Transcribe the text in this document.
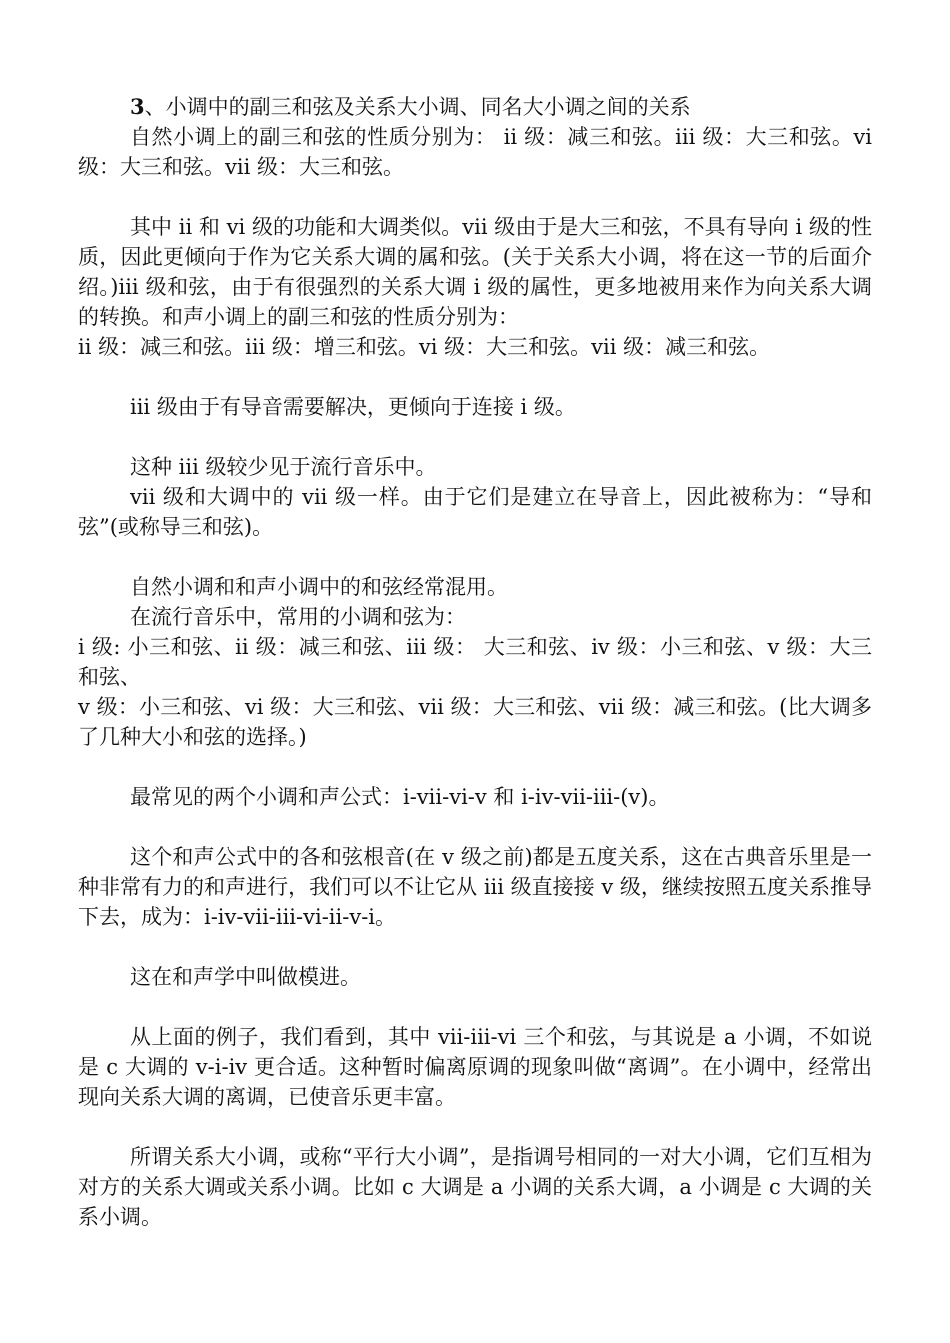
3、小调中的副三和弦及关系大小调、同名大小调之间的关系

自然小调上的副三和弦的性质分别为： ii 级：减三和弦。iii 级：大三和弦。vi 级：大三和弦。vii 级：大三和弦。

其中 ii 和 vi 级的功能和大调类似。vii 级由于是大三和弦，不具有导向 i 级的性质，因此更倾向于作为它关系大调的属和弦。(关于关系大小调，将在这一节的后面介绍。)iii 级和弦，由于有很强烈的关系大调 i 级的属性，更多地被用来作为向关系大调的转换。和声小调上的副三和弦的性质分别为：

ii 级：减三和弦。iii 级：增三和弦。vi 级：大三和弦。vii 级：减三和弦。

iii 级由于有导音需要解决，更倾向于连接 i 级。

这种 iii 级较少见于流行音乐中。

vii 级和大调中的 vii 级一样。由于它们是建立在导音上，因此被称为：“导和弦”(或称导三和弦)。

自然小调和和声小调中的和弦经常混用。

在流行音乐中，常用的小调和弦为：

i 级: 小三和弦、ii 级：减三和弦、iii 级： 大三和弦、iv 级：小三和弦、v 级：大三和弦、

v 级：小三和弦、vi 级：大三和弦、vii 级：大三和弦、vii 级：减三和弦。(比大调多了几种大小和弦的选择。)

最常见的两个小调和声公式：i-vii-vi-v 和 i-iv-vii-iii-(v)。

这个和声公式中的各和弦根音(在 v 级之前)都是五度关系，这在古典音乐里是一种非常有力的和声进行，我们可以不让它从 iii 级直接接 v 级，继续按照五度关系推导下去，成为：i-iv-vii-iii-vi-ii-v-i。

这在和声学中叫做模进。

从上面的例子，我们看到，其中 vii-iii-vi 三个和弦，与其说是 a 小调，不如说是 c 大调的 v-i-iv 更合适。这种暂时偏离原调的现象叫做“离调”。在小调中，经常出现向关系大调的离调，已使音乐更丰富。

所谓关系大小调，或称“平行大小调”，是指调号相同的一对大小调，它们互相为对方的关系大调或关系小调。比如 c 大调是 a 小调的关系大调，a 小调是 c 大调的关系小调。
